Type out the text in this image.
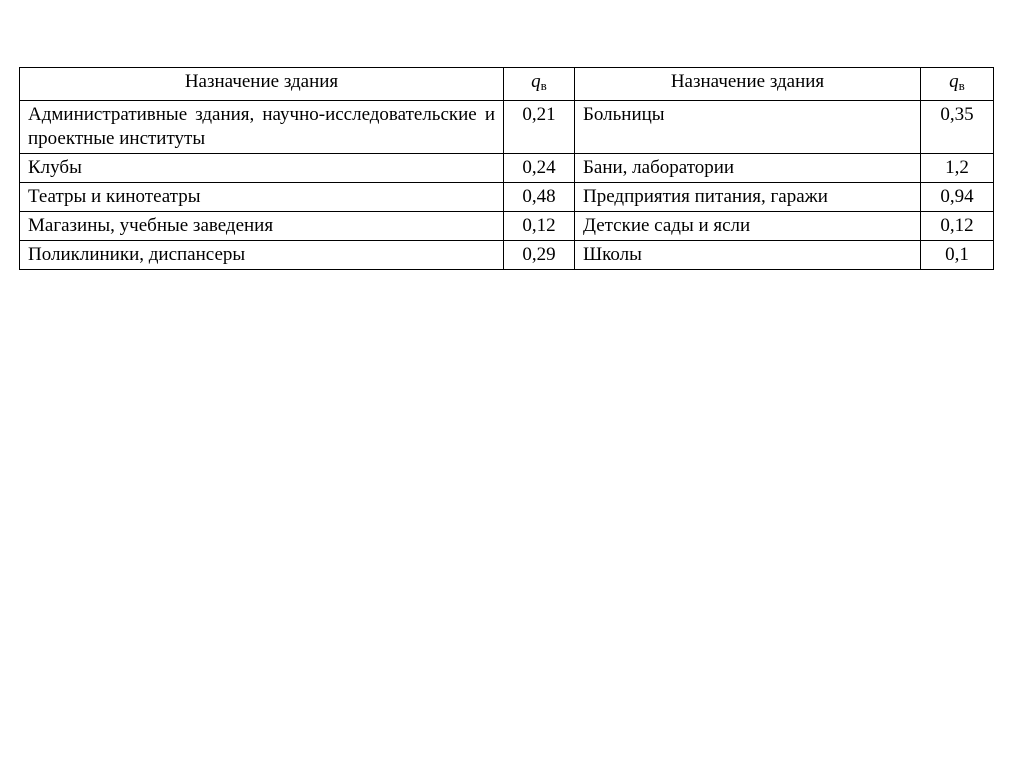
Назначение здания	qв	Назначение здания	qв
Административные здания, научно-исследовательские и проектные институты	0,21	Больницы	0,35
Клубы	0,24	Бани, лаборатории	1,2
Театры и кинотеатры	0,48	Предприятия питания, гаражи	0,94
Магазины, учебные заведения	0,12	Детские сады и ясли	0,12
Поликлиники, диспансеры	0,29	Школы	0,1
